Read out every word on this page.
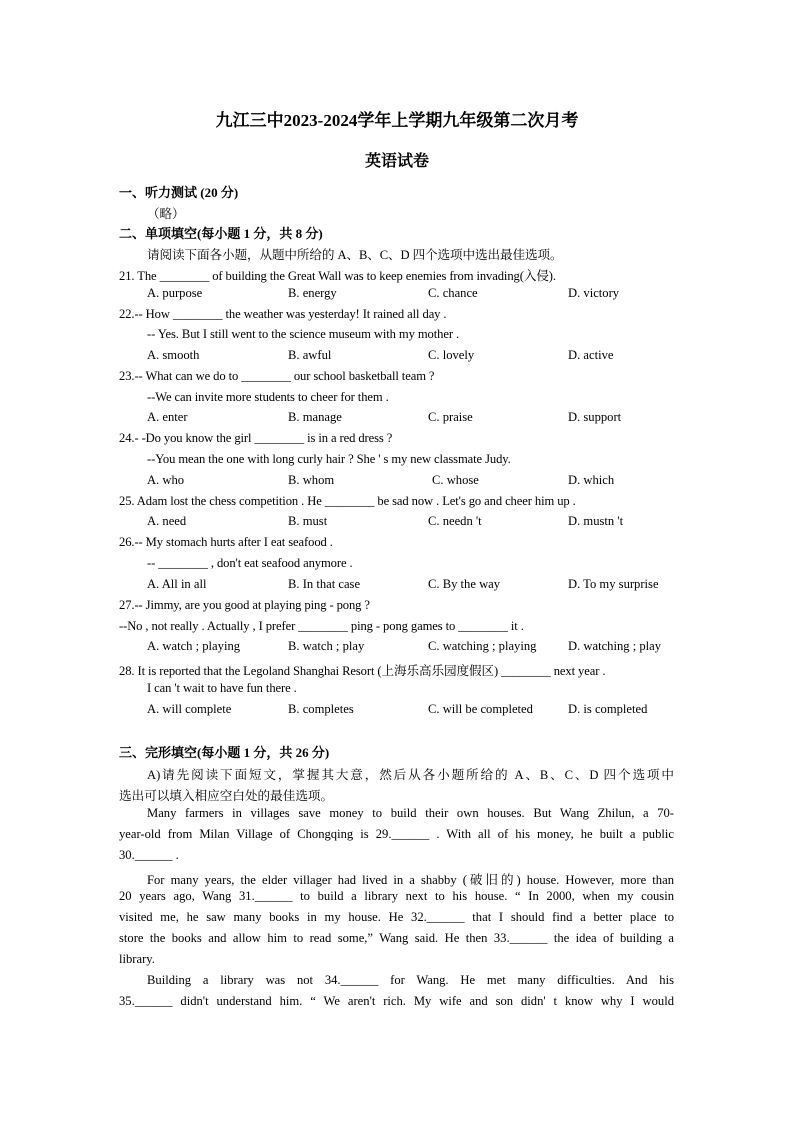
九江三中2023-2024学年上学期九年级第二次月考
英语试卷
一、听力测试 (20 分)
（略）
二、单项填空(每小题 1 分，共 8 分)
请阅读下面各小题，从题中所给的 A、B、C、D 四个选项中选出最佳选项。
21. The ________ of building the Great Wall was to keep enemies from invading(入侵).
A. purpose	B. energy	C. chance	D. victory
22.-- How ________ the weather was yesterday! It rained all day .
-- Yes. But I still went to the science museum with my mother .
A. smooth	B. awful	C. lovely	D. active
23.-- What can we do to ________ our school basketball team ?
--We can invite more students to cheer for them .
A. enter	B. manage	C. praise	D. support
24.- -Do you know the girl ________ is in a red dress ?
--You mean the one with long curly hair ? She ' s my new classmate Judy.
A. who	B. whom	C. whose	D. which
25. Adam lost the chess competition . He ________ be sad now . Let's go and cheer him up .
A. need	B. must	C. needn 't	D. mustn 't
26.-- My stomach hurts after I eat seafood .
-- ________ , don't eat seafood anymore .
A. All in all	B. In that case	C. By the way	D. To my surprise
27.-- Jimmy, are you good at playing ping - pong ?
--No , not really . Actually , I prefer ________ ping - pong games to ________ it .
A. watch ; playing	B. watch ; play	C. watching ; playing	D. watching ; play
28. It is reported that the Legoland Shanghai Resort (上海乐高乐园度假区) ________ next year .
I can 't wait to have fun there .
A. will complete	B. completes	C. will be completed	D. is completed
三、完形填空(每小题 1 分，共 26 分)
A)请先阅读下面短文，掌握其大意，然后从各小题所给的 A、B、C、D 四个选项中
选出可以填入相应空白处的最佳选项。
Many farmers in villages save money to build their own houses. But Wang Zhilun, a 70-
year-old from Milan Village of Chongqing is 29.______ . With all of his money, he built a public
30.______ .
For many years, the elder villager had lived in a shabby (破旧的) house. However, more than
20 years ago, Wang 31.______ to build a library next to his house. “ In 2000, when my cousin
visited me, he saw many books in my house. He 32.______ that I should find a better place to
store the books and allow him to read some,” Wang said. He then 33.______ the idea of building a
library.
Building a library was not 34.______ for Wang. He met many difficulties. And his
35.______ didn't understand him. “ We aren't rich. My wife and son didn' t know why I would
